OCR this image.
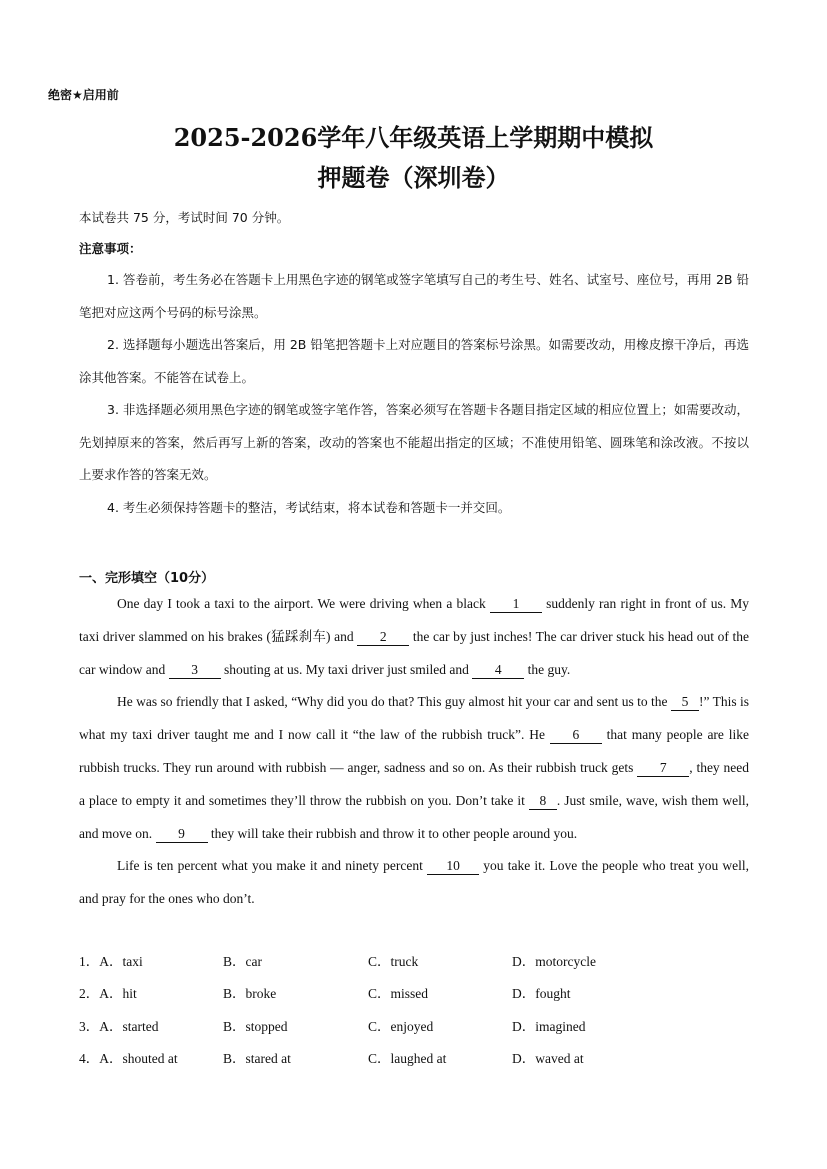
绝密★启用前
2025-2026学年八年级英语上学期期中模拟
押题卷（深圳卷）
本试卷共 75 分，考试时间 70 分钟。
注意事项：

1. 答卷前，考生务必在答题卡上用黑色字迹的钢笔或签字笔填写自己的考生号、姓名、试室号、座位号，再用 2B 铅笔把对应这两个号码的标号涂黑。

2. 选择题每小题选出答案后，用 2B 铅笔把答题卡上对应题目的答案标号涂黑。如需要改动，用橡皮擦干净后，再选涂其他答案。不能答在试卷上。

3. 非选择题必须用黑色字迹的钢笔或签字笔作答，答案必须写在答题卡各题目指定区域的相应位置上；如需要改动，先划掉原来的答案，然后再写上新的答案，改动的答案也不能超出指定的区域；不准使用铅笔、圆珠笔和涂改液。不按以上要求作答的答案无效。

4. 考生必须保持答题卡的整洁，考试结束，将本试卷和答题卡一并交回。

一、完形填空（10分）

One day I took a taxi to the airport. We were driving when a black 1 suddenly ran right in front of us. My taxi driver slammed on his brakes (猛踩刹车) and 2 the car by just inches! The car driver stuck his head out of the car window and 3 shouting at us. My taxi driver just smiled and 4 the guy.

He was so friendly that I asked, “Why did you do that? This guy almost hit your car and sent us to the 5 !” This is what my taxi driver taught me and I now call it “the law of the rubbish truck”. He 6 that many people are like rubbish trucks. They run around with rubbish — anger, sadness and so on. As their rubbish truck gets 7 , they need a place to empty it and sometimes they’ll throw the rubbish on you. Don’t take it 8 . Just smile, wave, wish them well, and move on. 9 they will take their rubbish and throw it to other people around you.

Life is ten percent what you make it and ninety percent 10 you take it. Love the people who treat you well, and pray for the ones who don’t.

1．A．taxi	B．car	C．truck	D．motorcycle
2．A．hit	B．broke	C．missed	D．fought
3．A．started	B．stopped	C．enjoyed	D．imagined
4．A．shouted at	B．stared at	C．laughed at	D．waved at
